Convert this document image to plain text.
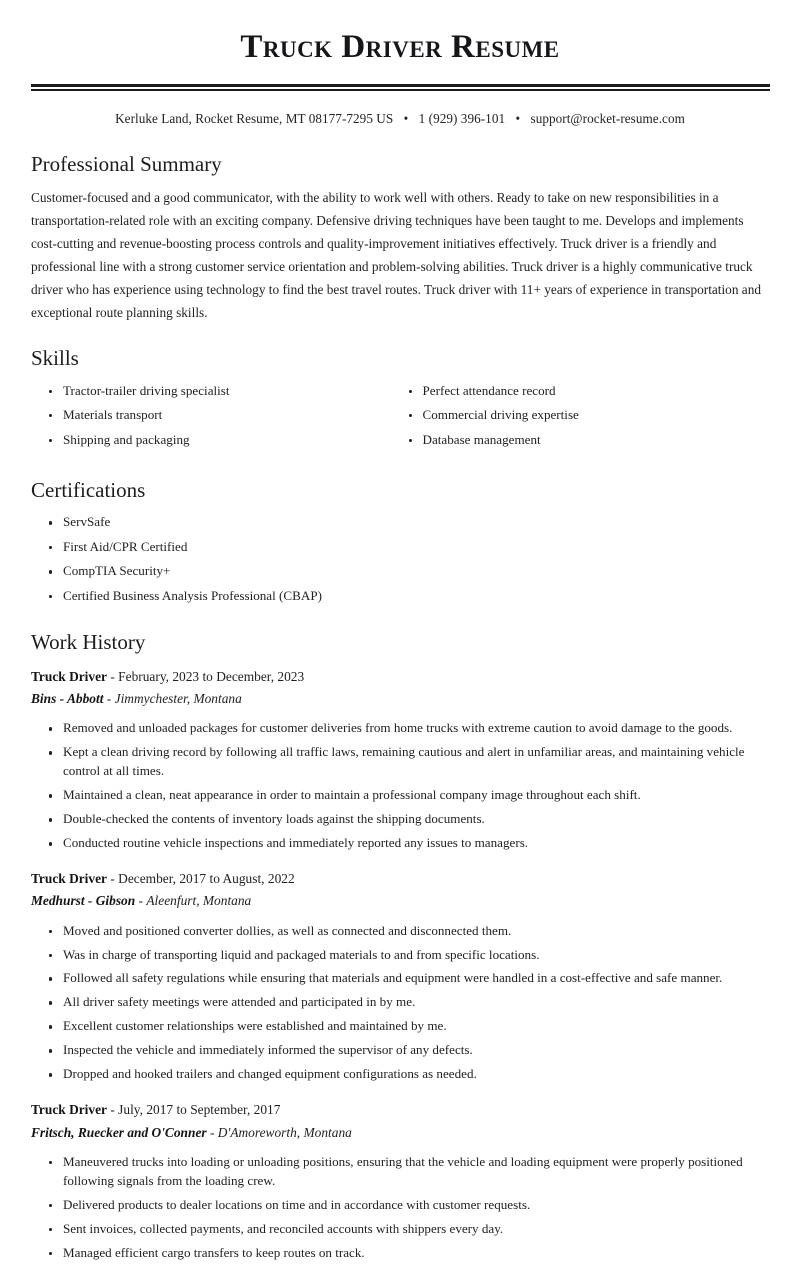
Truck Driver Resume
Kerluke Land, Rocket Resume, MT 08177-7295 US • 1 (929) 396-101 • support@rocket-resume.com
Professional Summary

Customer-focused and a good communicator, with the ability to work well with others. Ready to take on new responsibilities in a transportation-related role with an exciting company. Defensive driving techniques have been taught to me. Develops and implements cost-cutting and revenue-boosting process controls and quality-improvement initiatives effectively. Truck driver is a friendly and professional line with a strong customer service orientation and problem-solving abilities. Truck driver is a highly communicative truck driver who has experience using technology to find the best travel routes. Truck driver with 11+ years of experience in transportation and exceptional route planning skills.

Skills
Tractor-trailer driving specialist
Materials transport
Shipping and packaging
Perfect attendance record
Commercial driving expertise
Database management
Certifications
ServSafe
First Aid/CPR Certified
CompTIA Security+
Certified Business Analysis Professional (CBAP)
Work History
Truck Driver - February, 2023 to December, 2023
Bins - Abbott - Jimmychester, Montana
Removed and unloaded packages for customer deliveries from home trucks with extreme caution to avoid damage to the goods.
Kept a clean driving record by following all traffic laws, remaining cautious and alert in unfamiliar areas, and maintaining vehicle control at all times.
Maintained a clean, neat appearance in order to maintain a professional company image throughout each shift.
Double-checked the contents of inventory loads against the shipping documents.
Conducted routine vehicle inspections and immediately reported any issues to managers.
Truck Driver - December, 2017 to August, 2022
Medhurst - Gibson - Aleenfurt, Montana
Moved and positioned converter dollies, as well as connected and disconnected them.
Was in charge of transporting liquid and packaged materials to and from specific locations.
Followed all safety regulations while ensuring that materials and equipment were handled in a cost-effective and safe manner.
All driver safety meetings were attended and participated in by me.
Excellent customer relationships were established and maintained by me.
Inspected the vehicle and immediately informed the supervisor of any defects.
Dropped and hooked trailers and changed equipment configurations as needed.
Truck Driver - July, 2017 to September, 2017
Fritsch, Ruecker and O'Conner - D'Amoreworth, Montana
Maneuvered trucks into loading or unloading positions, ensuring that the vehicle and loading equipment were properly positioned following signals from the loading crew.
Delivered products to dealer locations on time and in accordance with customer requests.
Sent invoices, collected payments, and reconciled accounts with shippers every day.
Managed efficient cargo transfers to keep routes on track.
